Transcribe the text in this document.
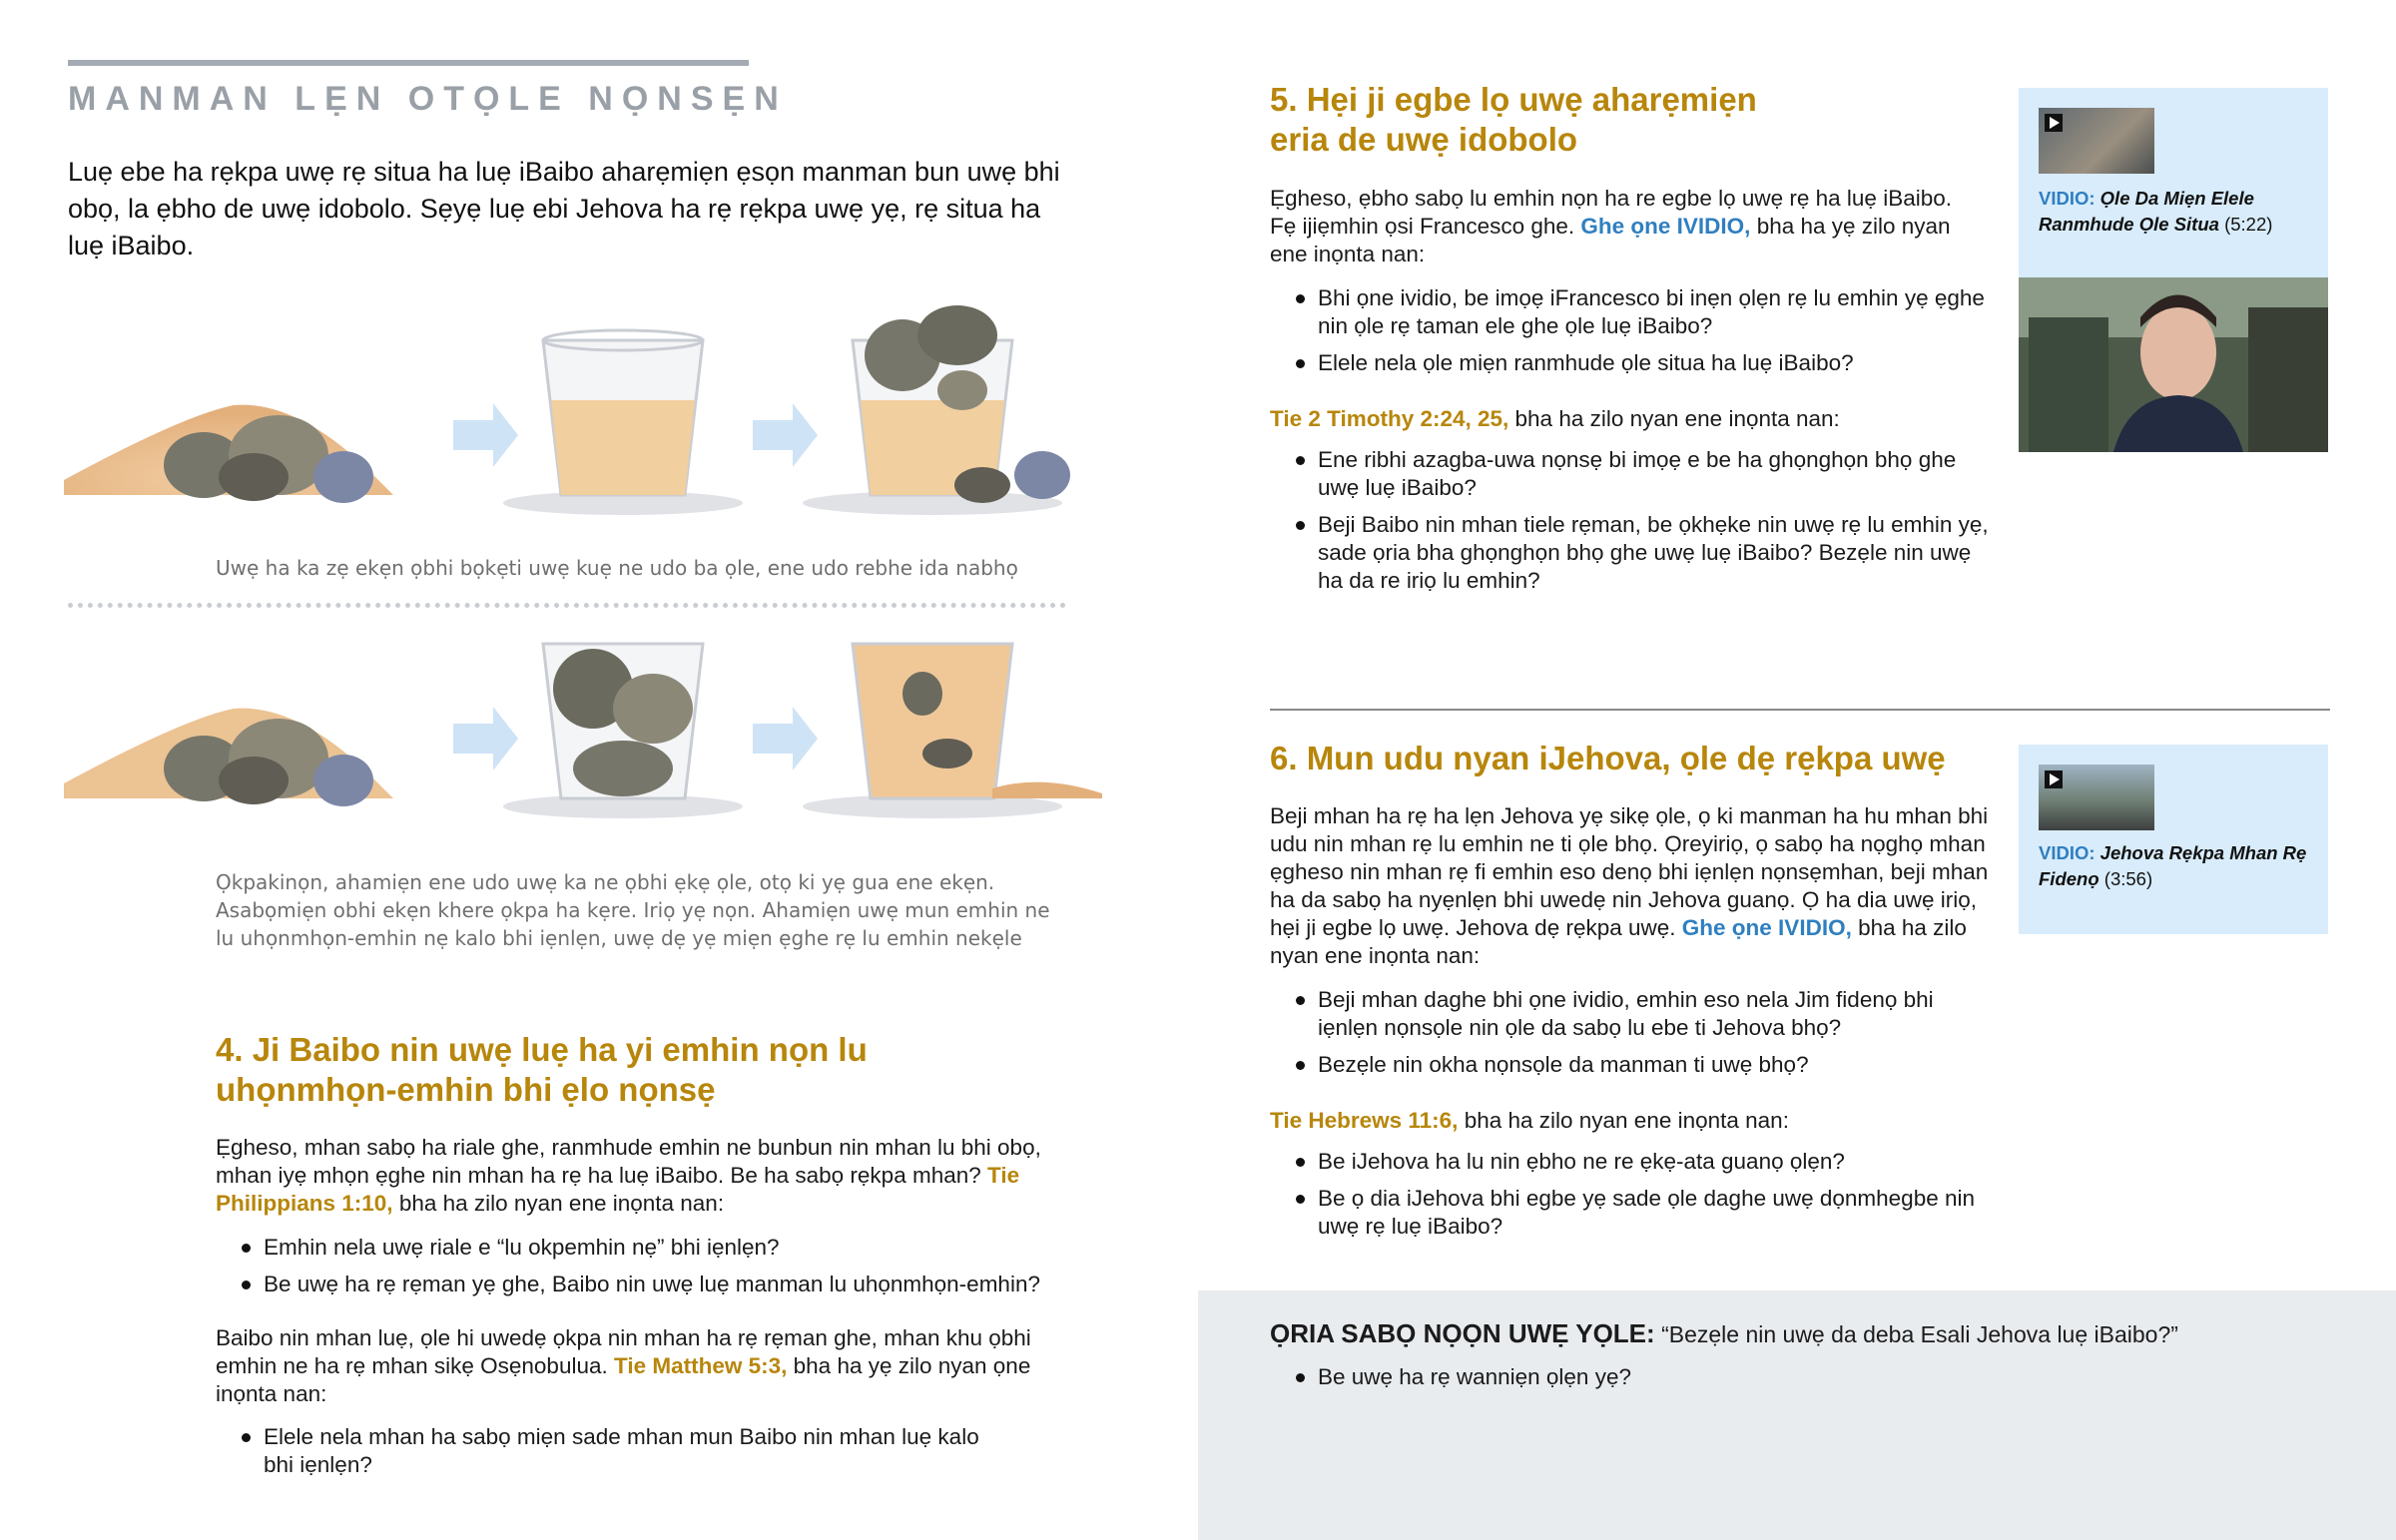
MANMAN LẸN OTỌLE NỌNSẸN

Luẹ ebe ha rẹkpa uwẹ rẹ situa ha luẹ iBaibo aharẹmiẹn ẹsọn manman bun uwẹ bhi obọ, la ẹbho de uwẹ idobolo. Sẹyẹ luẹ ebi Jehova ha rẹ rẹkpa uwẹ yẹ, rẹ situa ha luẹ iBaibo.

Uwẹ ha ka zẹ ekẹn ọbhi bọkẹti uwẹ kuẹ ne udo ba ọle, ene udo rebhe ida nabhọ

Ọkpakinọn, ahamiẹn ene udo uwẹ ka ne ọbhi ẹkẹ ọle, otọ ki yẹ gua ene ekẹn.
Asabọmiẹn obhi ekẹn khere ọkpa ha kẹre. Iriọ yẹ nọn. Ahamiẹn uwẹ mun emhin ne
lu uhọnmhọn-emhin nẹ kalo bhi iẹnlẹn, uwẹ dẹ yẹ miẹn ẹghe rẹ lu emhin nekẹle
4. Ji Baibo nin uwẹ luẹ ha yi emhin nọn lu
uhọnmhọn-emhin bhi ẹlo nọnsẹ

Ẹgheso, mhan sabọ ha riale ghe, ranmhude emhin ne bunbun nin mhan lu bhi obọ, mhan iyẹ mhọn ẹghe nin mhan ha rẹ ha luẹ iBaibo. Be ha sabọ rẹkpa mhan? Tie Philippians 1:10, bha ha zilo nyan ene inọnta nan:

Emhin nela uwẹ riale e “lu okpemhin nẹ” bhi iẹnlẹn?
Be uwẹ ha rẹ rẹman yẹ ghe, Baibo nin uwẹ luẹ manman lu uhọnmhọn-emhin?

Baibo nin mhan luẹ, ọle hi uwedẹ ọkpa nin mhan ha rẹ rẹman ghe, mhan khu ọbhi emhin ne ha rẹ mhan sikẹ Osẹnobulua. Tie Matthew 5:3, bha ha yẹ zilo nyan ọne inọnta nan:

Elele nela mhan ha sabọ miẹn sade mhan mun Baibo nin mhan luẹ kalo bhi iẹnlẹn?
5. Hẹi ji egbe lọ uwẹ aharẹmiẹn
eria de uwẹ idobolo

Ẹgheso, ẹbho sabọ lu emhin nọn ha re egbe lọ uwẹ rẹ ha luẹ iBaibo. Fẹ ijiẹmhin ọsi Francesco ghe. Ghe ọne IVIDIO, bha ha yẹ zilo nyan ene inọnta nan:

Bhi ọne ividio, be imọẹ iFrancesco bi inẹn ọlẹn rẹ lu emhin yẹ ẹghe nin ọle rẹ taman ele ghe ọle luẹ iBaibo?
Elele nela ọle miẹn ranmhude ọle situa ha luẹ iBaibo?

Tie 2 Timothy 2:24, 25, bha ha zilo nyan ene inọnta nan:

Ene ribhi azagba-uwa nọnsẹ bi imọẹ e be ha ghọnghọn bhọ ghe uwẹ luẹ iBaibo?
Beji Baibo nin mhan tiele rẹman, be ọkhẹke nin uwẹ rẹ lu emhin yẹ, sade ọria bha ghọnghọn bhọ ghe uwẹ luẹ iBaibo? Bezẹle nin uwẹ ha da re iriọ lu emhin?
VIDIO: Ọle Da Miẹn Elele Ranmhude Ọle Situa (5:22)
6. Mun udu nyan iJehova, ọle dẹ rẹkpa uwẹ

Beji mhan ha rẹ ha lẹn Jehova yẹ sikẹ ọle, ọ ki manman ha hu mhan bhi udu nin mhan rẹ lu emhin ne ti ọle bhọ. Ọreyiriọ, ọ sabọ ha nọghọ mhan ẹgheso nin mhan rẹ fi emhin eso denọ bhi iẹnlẹn nọnsẹmhan, beji mhan ha da sabọ ha nyẹnlẹn bhi uwedẹ nin Jehova guanọ. Ọ ha dia uwẹ iriọ, hẹi ji egbe lọ uwẹ. Jehova dẹ rẹkpa uwẹ. Ghe ọne IVIDIO, bha ha zilo nyan ene inọnta nan:

Beji mhan daghe bhi ọne ividio, emhin eso nela Jim fidenọ bhi iẹnlẹn nọnsọle nin ọle da sabọ lu ebe ti Jehova bhọ?
Bezẹle nin okha nọnsọle da manman ti uwẹ bhọ?

Tie Hebrews 11:6, bha ha zilo nyan ene inọnta nan:

Be iJehova ha lu nin ẹbho ne re ẹkẹ-ata guanọ ọlẹn?
Be ọ dia iJehova bhi egbe yẹ sade ọle daghe uwẹ dọnmhegbe nin uwẹ rẹ luẹ iBaibo?
VIDIO: Jehova Rẹkpa Mhan Rẹ Fidenọ (3:56)

ỌRIA SABỌ NỌỌN UWẸ YỌLE: “Bezẹle nin uwẹ da deba Esali Jehova luẹ iBaibo?”

Be uwẹ ha rẹ wanniẹn ọlẹn yẹ?
